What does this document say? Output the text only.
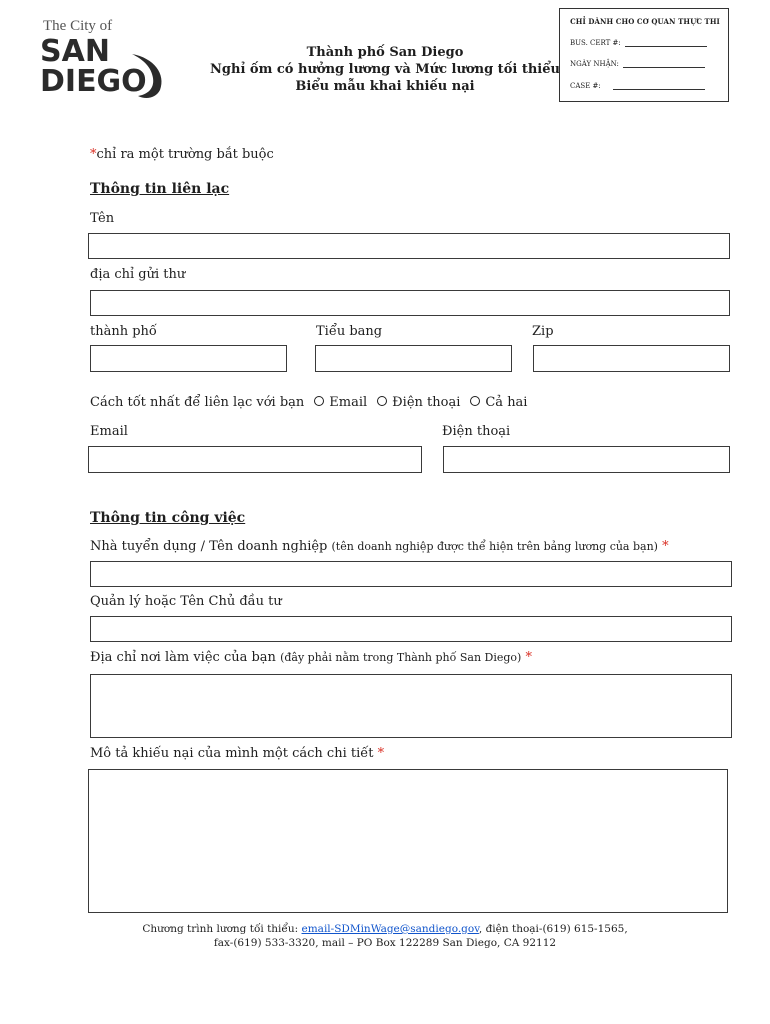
The City of
SAN
DIEGO
Thành phố San Diego
Nghỉ ốm có hưởng lương và Mức lương tối thiểu
Biểu mẫu khai khiếu nại
CHỈ DÀNH CHO CƠ QUAN THỰC THI
BUS. CERT #:
NGÀY NHẬN:
CASE #:
*chỉ ra một trường bắt buộc
Thông tin liên lạc
Tên
địa chỉ gửi thư
thành phố	Tiểu bang	Zip
Cách tốt nhất để liên lạc với bạn Email Điện thoại Cả hai
Email	Điện thoại
Thông tin công việc
Nhà tuyển dụng / Tên doanh nghiệp (tên doanh nghiệp được thể hiện trên bảng lương của bạn) *
Quản lý hoặc Tên Chủ đầu tư
Địa chỉ nơi làm việc của bạn (đây phải nằm trong Thành phố San Diego) *
Mô tả khiếu nại của mình một cách chi tiết *
Chương trình lương tối thiểu: email-SDMinWage@sandiego.gov, điện thoại-(619) 615-1565,
fax-(619) 533-3320, mail – PO Box 122289 San Diego, CA 92112
